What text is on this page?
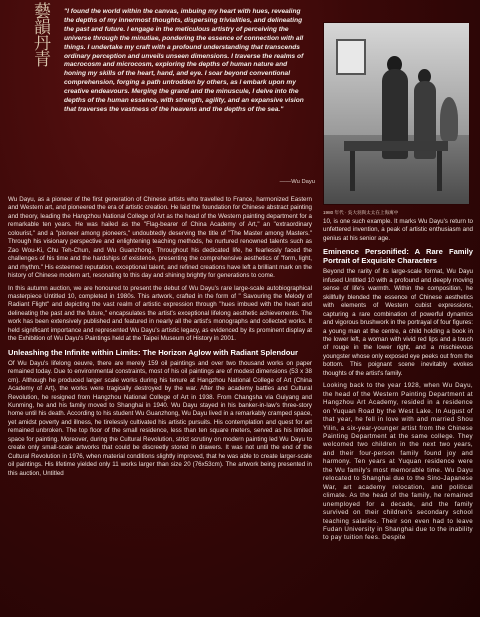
藝韻丹青 "I found the world within the canvas, imbuing my heart with hues, revealing the depths of my innermost thoughts, dispersing trivialities, and delineating the past and future. I engage in the meticulous artistry of perceiving the universe through the minutiae, pondering the essence of connection with all things. I undertake my craft with a profound understanding that transcends ordinary perception and unveils unseen dimensions. I traverse the realms of macrocosm and microcosm, exploring the depths of human nature and honing my skills of the heart, hand, and eye. I soar beyond conventional comprehension, forging a path untrodden by others, as I embark upon my creative endeavours. Merging the grand and the minuscule, I delve into the depths of the human essence, with strength, agility, and an expansive vision that traverses the vastness of the heavens and the depths of the sea."
——Wu Dayu
1980 年代 · 吳大羽與太太在上海寓中

Wu Dayu, as a pioneer of the first generation of Chinese artists who travelled to France, harmonized Eastern and Western art, and pioneered the era of artistic creation. He laid the foundation for Chinese abstract painting and theory, leading the Hangzhou National College of Art as the head of the Western painting department for a remarkable ten years. He was hailed as the "Flag-bearer of China Academy of Art," an "extraordinary colourist," and a "pioneer among pioneers," undoubtedly deserving the title of "The Master among Masters." Through his visionary perspective and enlightening teaching methods, he nurtured renowned talents such as Zao Wou-Ki, Chu Teh-Chun, and Wu Guanzhong. Throughout his dedicated life, he fearlessly faced the challenges of his time and the hardships of existence, presenting the comprehensive aesthetics of "form, light, and rhythm." His esteemed reputation, exceptional talent, and refined creations have left a brilliant mark on the history of Chinese modern art, resonating to this day and shining brightly for generations to come.

In this autumn auction, we are honoured to present the debut of Wu Dayu's rare large-scale autobiographical masterpiece Untitled 10, completed in 1980s. This artwork, crafted in the form of " Savouring the Melody of Radiant Flight" and depicting the vast realm of artistic expression through "hues imbued with the heart and delineating the past and the future," encapsulates the artist's exceptional lifelong aesthetic achievements. The work has been extensively published and featured in nearly all the artist's monographs and collected works. It held significant importance and represented Wu Dayu's artistic legacy, as evidenced by its prominent display at the Exhibition of Wu Dayu's Paintings held at the Taipei Museum of History in 2001.

Unleashing the Infinite within Limits: The Horizon Aglow with Radiant Splendour

Of Wu Dayu's lifelong oeuvre, there are merely 159 oil paintings and over two thousand works on paper remained today. Due to environmental constraints, most of his oil paintings are of modest dimensions (53 x 38 cm). Although he produced larger scale works during his tenure at Hangzhou National College of Art (China Academy of Art), the works were tragically destroyed by the war. After the academy battles and Cultural Revolution, he resigned from Hangzhou National College of Art in 1938. From Changsha via Guiyang and Kunming, he and his family moved to Shanghai in 1940. Wu Dayu stayed in his banker-in-law's three-story home until his death. According to his student Wu Guanzhong, Wu Dayu lived in a remarkably cramped space, yet amidst poverty and illness, he tirelessly cultivated his artistic pursuits. His contemplation and quest for art remained unbroken. The top floor of the small residence, less than ten square meters, served as his limited space for painting. Moreover, during the Cultural Revolution, strict scrutiny on modern painting led Wu Dayu to create only small-scale artworks that could be discreetly stored in drawers. It was not until the end of the Cultural Revolution in 1976, when material conditions slightly improved, that he was able to create larger-scale oil paintings. His lifetime yielded only 11 works larger than size 20 (76x53cm). The artwork being presented in this auction, Untitled

10, is one such example. It marks Wu Dayu's return to unfettered invention, a peak of artistic enthusiasm and genius at his senior age.

Eminence Personified: A Rare Family Portrait of Exquisite Characters

Beyond the rarity of its large-scale format, Wu Dayu infused Untitled 10 with a profound and deeply moving sense of life's warmth. Within the composition, he skillfully blended the essence of Chinese aesthetics with elements of Western cubist expressions, capturing a rare combination of powerful dynamics and vigorous brushwork in the portrayal of four figures: a young man at the centre, a child holding a book in the lower left, a woman with vivid red lips and a touch of rouge in the lower right, and a mischievous youngster whose only exposed eye peeks out from the bottom. This poignant scene inevitably evokes thoughts of the artist's family.

Looking back to the year 1928, when Wu Dayu, the head of the Western Painting Department at Hangzhou Art Academy, resided in a residence on Yuquan Road by the West Lake. In August of that year, he fell in love with and married Shou Yilin, a six-year-younger artist from the Chinese Painting Department at the same college. They welcomed two children in the next two years, and their four-person family found joy and harmony. Ten years at Yuquan residence were the Wu family's most memorable time. Wu Dayu relocated to Shanghai due to the Sino-Japanese War, art academy relocation, and political climate. As the head of the family, he remained unemployed for a decade, and the family survived on their children's secondary school teaching salaries. Their son even had to leave Fudan University in Shanghai due to the inability to pay tuition fees. Despite
